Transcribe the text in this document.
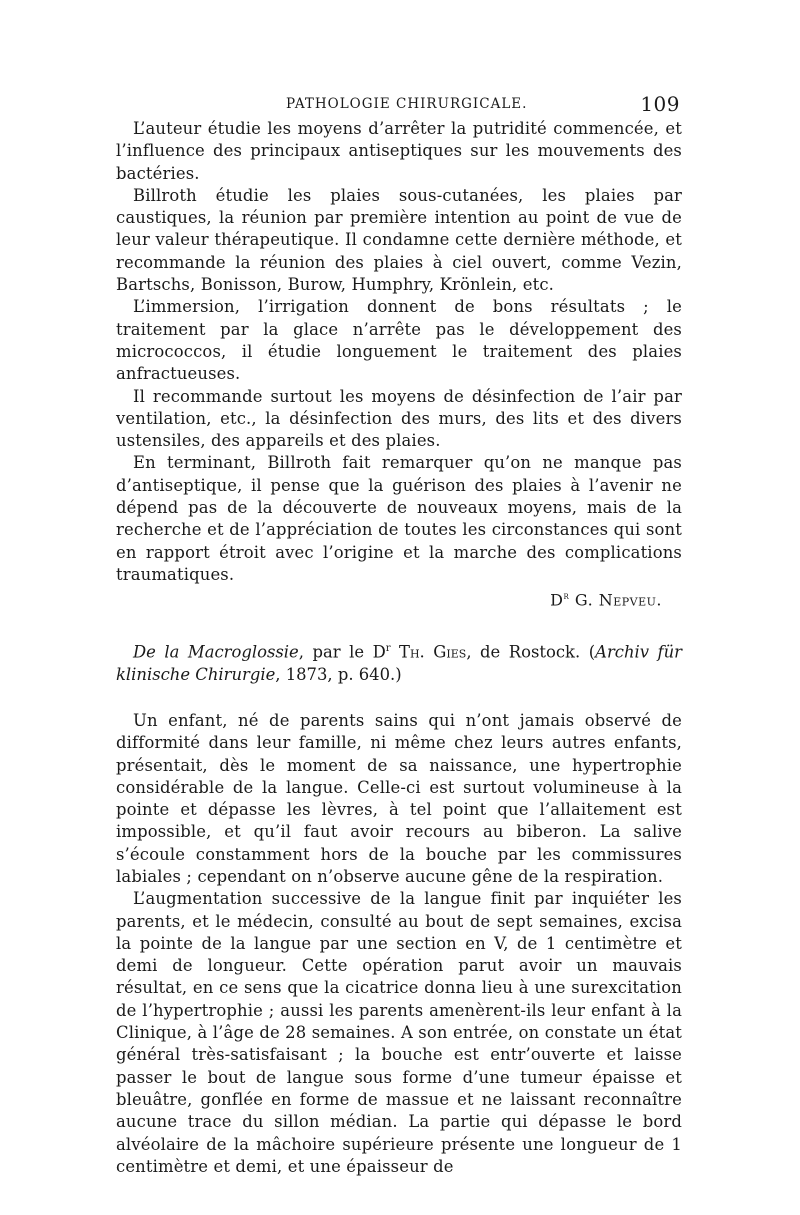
PATHOLOGIE CHIRURGICALE.	109

L’auteur étudie les moyens d’arrêter la putridité commencée, et l’influence des principaux antiseptiques sur les mouvements des bactéries.

Billroth étudie les plaies sous-cutanées, les plaies par caustiques, la réunion par première intention au point de vue de leur valeur thérapeutique. Il condamne cette dernière méthode, et recommande la réunion des plaies à ciel ouvert, comme Vezin, Bartschs, Bonisson, Burow, Humphry, Krönlein, etc.

L’immersion, l’irrigation donnent de bons résultats ; le traitement par la glace n’arrête pas le développement des micrococcos, il étudie longuement le traitement des plaies anfractueuses.

Il recommande surtout les moyens de désinfection de l’air par ventilation, etc., la désinfection des murs, des lits et des divers ustensiles, des appareils et des plaies.

En terminant, Billroth fait remarquer qu’on ne manque pas d’antiseptique, il pense que la guérison des plaies à l’avenir ne dépend pas de la découverte de nouveaux moyens, mais de la recherche et de l’appréciation de toutes les circonstances qui sont en rapport étroit avec l’origine et la marche des complications traumatiques.

$D^r$ G. Nepveu.

De la Macroglossie, par le $D^r$ Th. Gies, de Rostock. (Archiv für klinische Chirurgie, 1873, p. 640.)

Un enfant, né de parents sains qui n’ont jamais observé de difformité dans leur famille, ni même chez leurs autres enfants, présentait, dès le moment de sa naissance, une hypertrophie considérable de la langue. Celle-ci est surtout volumineuse à la pointe et dépasse les lèvres, à tel point que l’allaitement est impossible, et qu’il faut avoir recours au biberon. La salive s’écoule constamment hors de la bouche par les commissures labiales ; cependant on n’observe aucune gêne de la respiration.

L’augmentation successive de la langue finit par inquiéter les parents, et le médecin, consulté au bout de sept semaines, excisa la pointe de la langue par une section en V, de 1 centimètre et demi de longueur. Cette opération parut avoir un mauvais résultat, en ce sens que la cicatrice donna lieu à une surexcitation de l’hypertrophie ; aussi les parents amenèrent-ils leur enfant à la Clinique, à l’âge de 28 semaines. A son entrée, on constate un état général très-satisfaisant ; la bouche est entr’ouverte et laisse passer le bout de langue sous forme d’une tumeur épaisse et bleuâtre, gonflée en forme de massue et ne laissant reconnaître aucune trace du sillon médian. La partie qui dépasse le bord alvéolaire de la mâchoire supérieure présente une longueur de 1 centimètre et demi, et une épaisseur de
